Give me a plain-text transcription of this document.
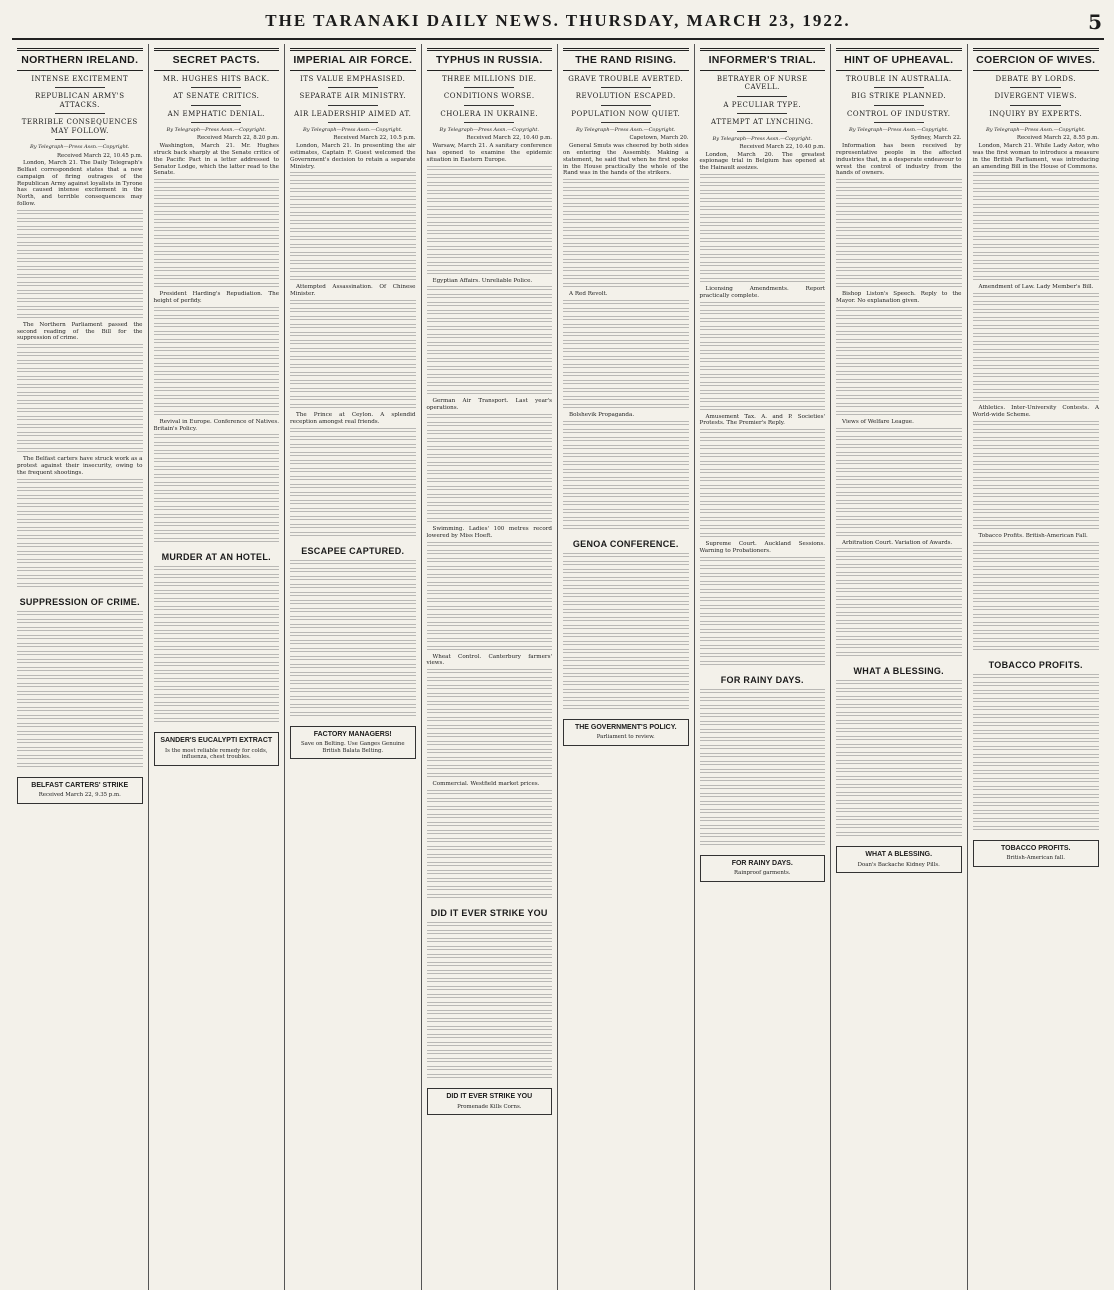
THE TARANAKI DAILY NEWS. THURSDAY, MARCH 23, 1922.	5
NORTHERN IRELAND.
INTENSE EXCITEMENT
REPUBLICAN ARMY'S ATTACKS.
TERRIBLE CONSEQUENCES MAY FOLLOW.
By Telegraph—Press Assn.—Copyright.
Received March 22, 10.45 p.m.

London, March 21. The Daily Telegraph's Belfast correspondent states that a new campaign of firing outrages of the Republican Army against loyalists in Tyrone has caused intense excitement in the North, and terrible consequences may follow.

The Northern Parliament passed the second reading of the Bill for the suppression of crime.

The Belfast carters have struck work as a protest against their insecurity, owing to the frequent shootings.

SUPPRESSION OF CRIME.
BELFAST CARTERS' STRIKE
Received March 22, 9.35 p.m.
SECRET PACTS.
MR. HUGHES HITS BACK.
AT SENATE CRITICS.
AN EMPHATIC DENIAL.
By Telegraph—Press Assn.—Copyright.
Received March 22, 8.20 p.m.

Washington, March 21. Mr. Hughes struck back sharply at the Senate critics of the Pacific Pact in a letter addressed to Senator Lodge, which the latter read to the Senate.

President Harding's Repudiation. The height of perfidy.

Revival in Europe. Conference of Natives. Britain's Policy.

MURDER AT AN HOTEL.
SANDER'S EUCALYPTI EXTRACT
Is the most reliable remedy for colds, influenza, chest troubles.
IMPERIAL AIR FORCE.
ITS VALUE EMPHASISED.
SEPARATE AIR MINISTRY.
AIR LEADERSHIP AIMED AT.
By Telegraph—Press Assn.—Copyright.
Received March 22, 10.5 p.m.

London, March 21. In presenting the air estimates, Captain F. Guest welcomed the Government's decision to retain a separate Ministry.

Attempted Assassination. Of Chinese Minister.

The Prince at Ceylon. A splendid reception amongst real friends.

ESCAPEE CAPTURED.
FACTORY MANAGERS!
Save on Belting. Use Ganges Genuine British Balata Belting.
TYPHUS IN RUSSIA.
THREE MILLIONS DIE.
CONDITIONS WORSE.
CHOLERA IN UKRAINE.
By Telegraph—Press Assn.—Copyright.
Received March 22, 10.40 p.m.

Warsaw, March 21. A sanitary conference has opened to examine the epidemic situation in Eastern Europe.

Egyptian Affairs. Unreliable Police.

German Air Transport. Last year's operations.

Swimming. Ladies' 100 metres record lowered by Miss Hoeft.

Wheat Control. Canterbury farmers' views.

Commercial. Westfield market prices.

DID IT EVER STRIKE YOU
DID IT EVER STRIKE YOU
Promenade Kills Corns.
THE RAND RISING.
GRAVE TROUBLE AVERTED.
REVOLUTION ESCAPED.
POPULATION NOW QUIET.
By Telegraph—Press Assn.—Copyright.
Capetown, March 20.

General Smuts was cheered by both sides on entering the Assembly. Making a statement, he said that when he first spoke in the House practically the whole of the Rand was in the hands of the strikers.

A Red Revolt.

Bolshevik Propaganda.

GENOA CONFERENCE.
THE GOVERNMENT'S POLICY.
Parliament to review.
INFORMER'S TRIAL.
BETRAYER OF NURSE CAVELL.
A PECULIAR TYPE.
ATTEMPT AT LYNCHING.
By Telegraph—Press Assn.—Copyright.
Received March 22, 10.40 p.m.

London, March 20. The greatest espionage trial in Belgium has opened at the Hainault assizes.

Licensing Amendments. Report practically complete.

Amusement Tax. A. and P. Societies' Protests. The Premier's Reply.

Supreme Court. Auckland Sessions. Warning to Probationers.

FOR RAINY DAYS.
FOR RAINY DAYS.
Rainproof garments.
HINT OF UPHEAVAL.
TROUBLE IN AUSTRALIA.
BIG STRIKE PLANNED.
CONTROL OF INDUSTRY.
By Telegraph—Press Assn.—Copyright.
Sydney, March 22.

Information has been received by representative people in the affected industries that, in a desperate endeavour to wrest the control of industry from the hands of owners.

Bishop Liston's Speech. Reply to the Mayor. No explanation given.

Views of Welfare League.

Arbitration Court. Variation of Awards.

WHAT A BLESSING.
WHAT A BLESSING.
Doan's Backache Kidney Pills.
COERCION OF WIVES.
DEBATE BY LORDS.
DIVERGENT VIEWS.
INQUIRY BY EXPERTS.
By Telegraph—Press Assn.—Copyright.
Received March 22, 8.55 p.m.

London, March 21. While Lady Astor, who was the first woman to introduce a measure in the British Parliament, was introducing an amending Bill in the House of Commons.

Amendment of Law. Lady Member's Bill.

Athletics. Inter-University Contests. A World-wide Scheme.

Tobacco Profits. British-American Fall.

TOBACCO PROFITS.
TOBACCO PROFITS.
British-American fall.
